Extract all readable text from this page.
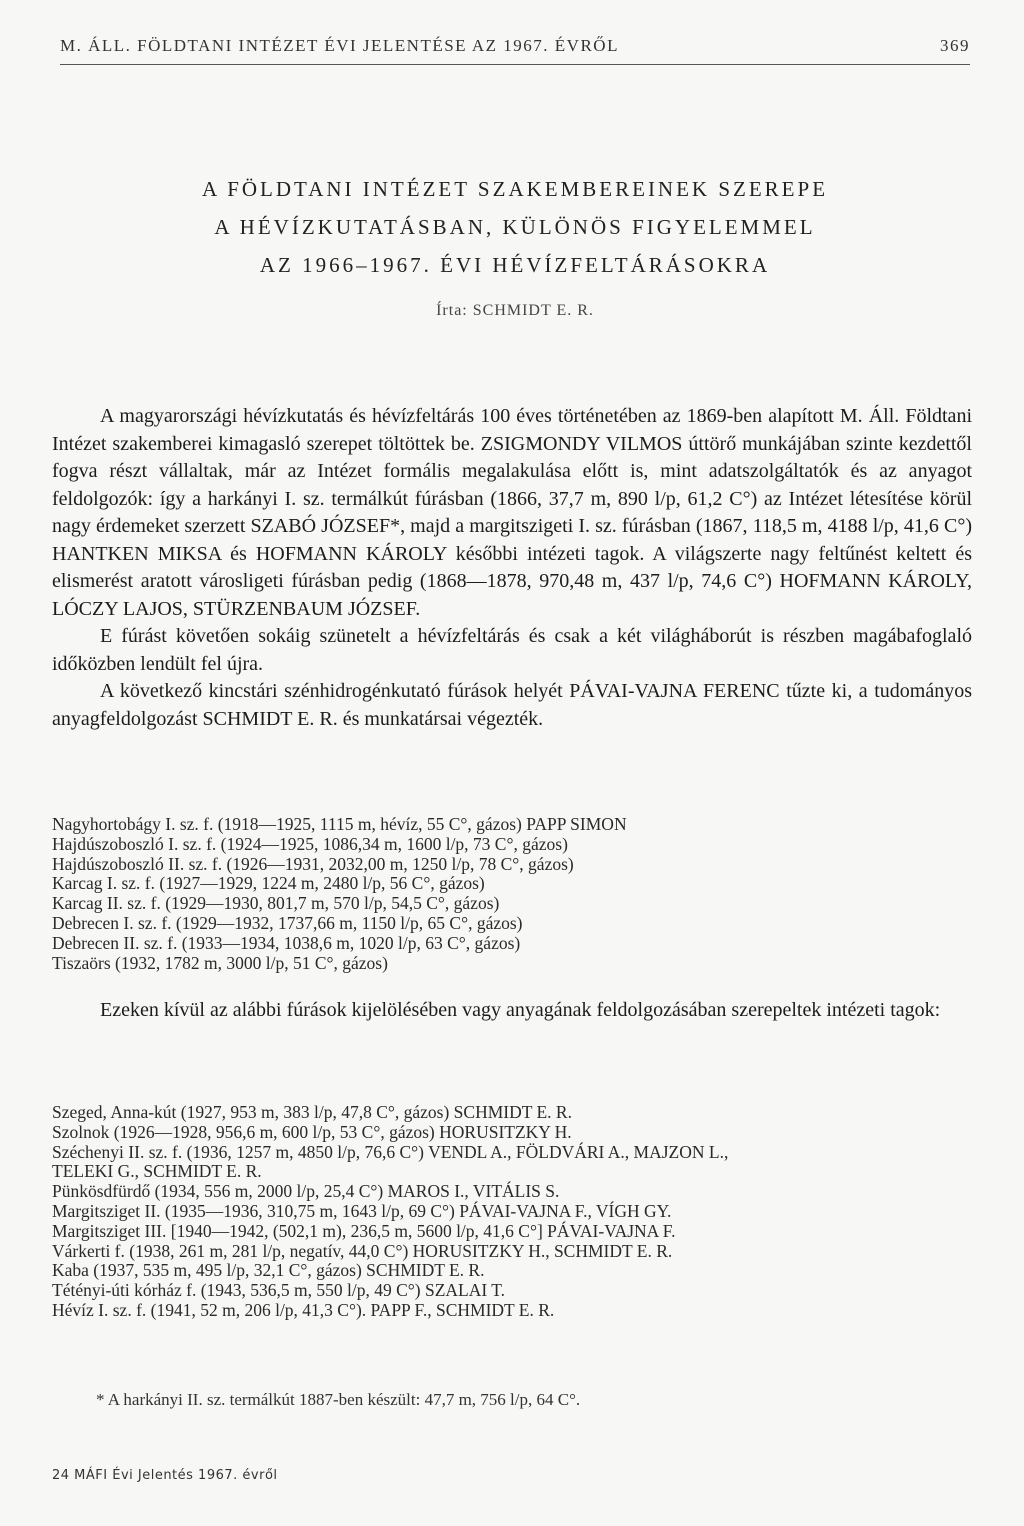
M. ÁLL. FÖLDTANI INTÉZET ÉVI JELENTÉSE AZ 1967. ÉVRŐL	369
A FÖLDTANI INTÉZET SZAKEMBEREINEK SZEREPE
A HÉVÍZKUTATÁSBAN, KÜLÖNÖS FIGYELEMMEL
AZ 1966–1967. ÉVI HÉVÍZFELTÁRÁSOKRA
Írta: SCHMIDT E. R.

A magyarországi hévízkutatás és hévízfeltárás 100 éves történetében az 1869-ben alapított M. Áll. Földtani Intézet szakemberei kimagasló szerepet töltöttek be. ZSIGMONDY VILMOS úttörő munkájában szinte kezdettől fogva részt vállaltak, már az Intézet formális megalakulása előtt is, mint adatszolgáltatók és az anyagot feldolgozók: így a harkányi I. sz. termálkút fúrásban (1866, 37,7 m, 890 l/p, 61,2 C°) az Intézet létesítése körül nagy érdemeket szerzett SZABÓ JÓZSEF*, majd a margitszigeti I. sz. fúrásban (1867, 118,5 m, 4188 l/p, 41,6 C°) HANTKEN MIKSA és HOFMANN KÁROLY későbbi intézeti tagok. A világszerte nagy feltűnést keltett és elismerést aratott városligeti fúrásban pedig (1868—1878, 970,48 m, 437 l/p, 74,6 C°) HOFMANN KÁROLY, LÓCZY LAJOS, STÜRZENBAUM JÓZSEF.

E fúrást követően sokáig szünetelt a hévízfeltárás és csak a két világháborút is részben magábafoglaló időközben lendült fel újra.

A következő kincstári szénhidrogénkutató fúrások helyét PÁVAI-VAJNA FERENC tűzte ki, a tudományos anyagfeldolgozást SCHMIDT E. R. és munkatársai végezték.

Nagyhortobágy I. sz. f. (1918—1925, 1115 m, hévíz, 55 C°, gázos) PAPP SIMON
Hajdúszoboszló I. sz. f. (1924—1925, 1086,34 m, 1600 l/p, 73 C°, gázos)
Hajdúszoboszló II. sz. f. (1926—1931, 2032,00 m, 1250 l/p, 78 C°, gázos)
Karcag I. sz. f. (1927—1929, 1224 m, 2480 l/p, 56 C°, gázos)
Karcag II. sz. f. (1929—1930, 801,7 m, 570 l/p, 54,5 C°, gázos)
Debrecen I. sz. f. (1929—1932, 1737,66 m, 1150 l/p, 65 C°, gázos)
Debrecen II. sz. f. (1933—1934, 1038,6 m, 1020 l/p, 63 C°, gázos)
Tiszaörs (1932, 1782 m, 3000 l/p, 51 C°, gázos)

Ezeken kívül az alábbi fúrások kijelölésében vagy anyagának feldolgozásában szerepeltek intézeti tagok:

Szeged, Anna-kút (1927, 953 m, 383 l/p, 47,8 C°, gázos) SCHMIDT E. R.
Szolnok (1926—1928, 956,6 m, 600 l/p, 53 C°, gázos) HORUSITZKY H.
Széchenyi II. sz. f. (1936, 1257 m, 4850 l/p, 76,6 C°) VENDL A., FÖLDVÁRI A., MAJZON L.,
TELEKI G., SCHMIDT E. R.
Pünkösdfürdő (1934, 556 m, 2000 l/p, 25,4 C°) MAROS I., VITÁLIS S.
Margitsziget II. (1935—1936, 310,75 m, 1643 l/p, 69 C°) PÁVAI-VAJNA F., VÍGH GY.
Margitsziget III. [1940—1942, (502,1 m), 236,5 m, 5600 l/p, 41,6 C°] PÁVAI-VAJNA F.
Várkerti f. (1938, 261 m, 281 l/p, negatív, 44,0 C°) HORUSITZKY H., SCHMIDT E. R.
Kaba (1937, 535 m, 495 l/p, 32,1 C°, gázos) SCHMIDT E. R.
Tétényi-úti kórház f. (1943, 536,5 m, 550 l/p, 49 C°) SZALAI T.
Hévíz I. sz. f. (1941, 52 m, 206 l/p, 41,3 C°). PAPP F., SCHMIDT E. R.
* A harkányi II. sz. termálkút 1887-ben készült: 47,7 m, 756 l/p, 64 C°.
24 MÁFI Évi Jelentés 1967. évről
